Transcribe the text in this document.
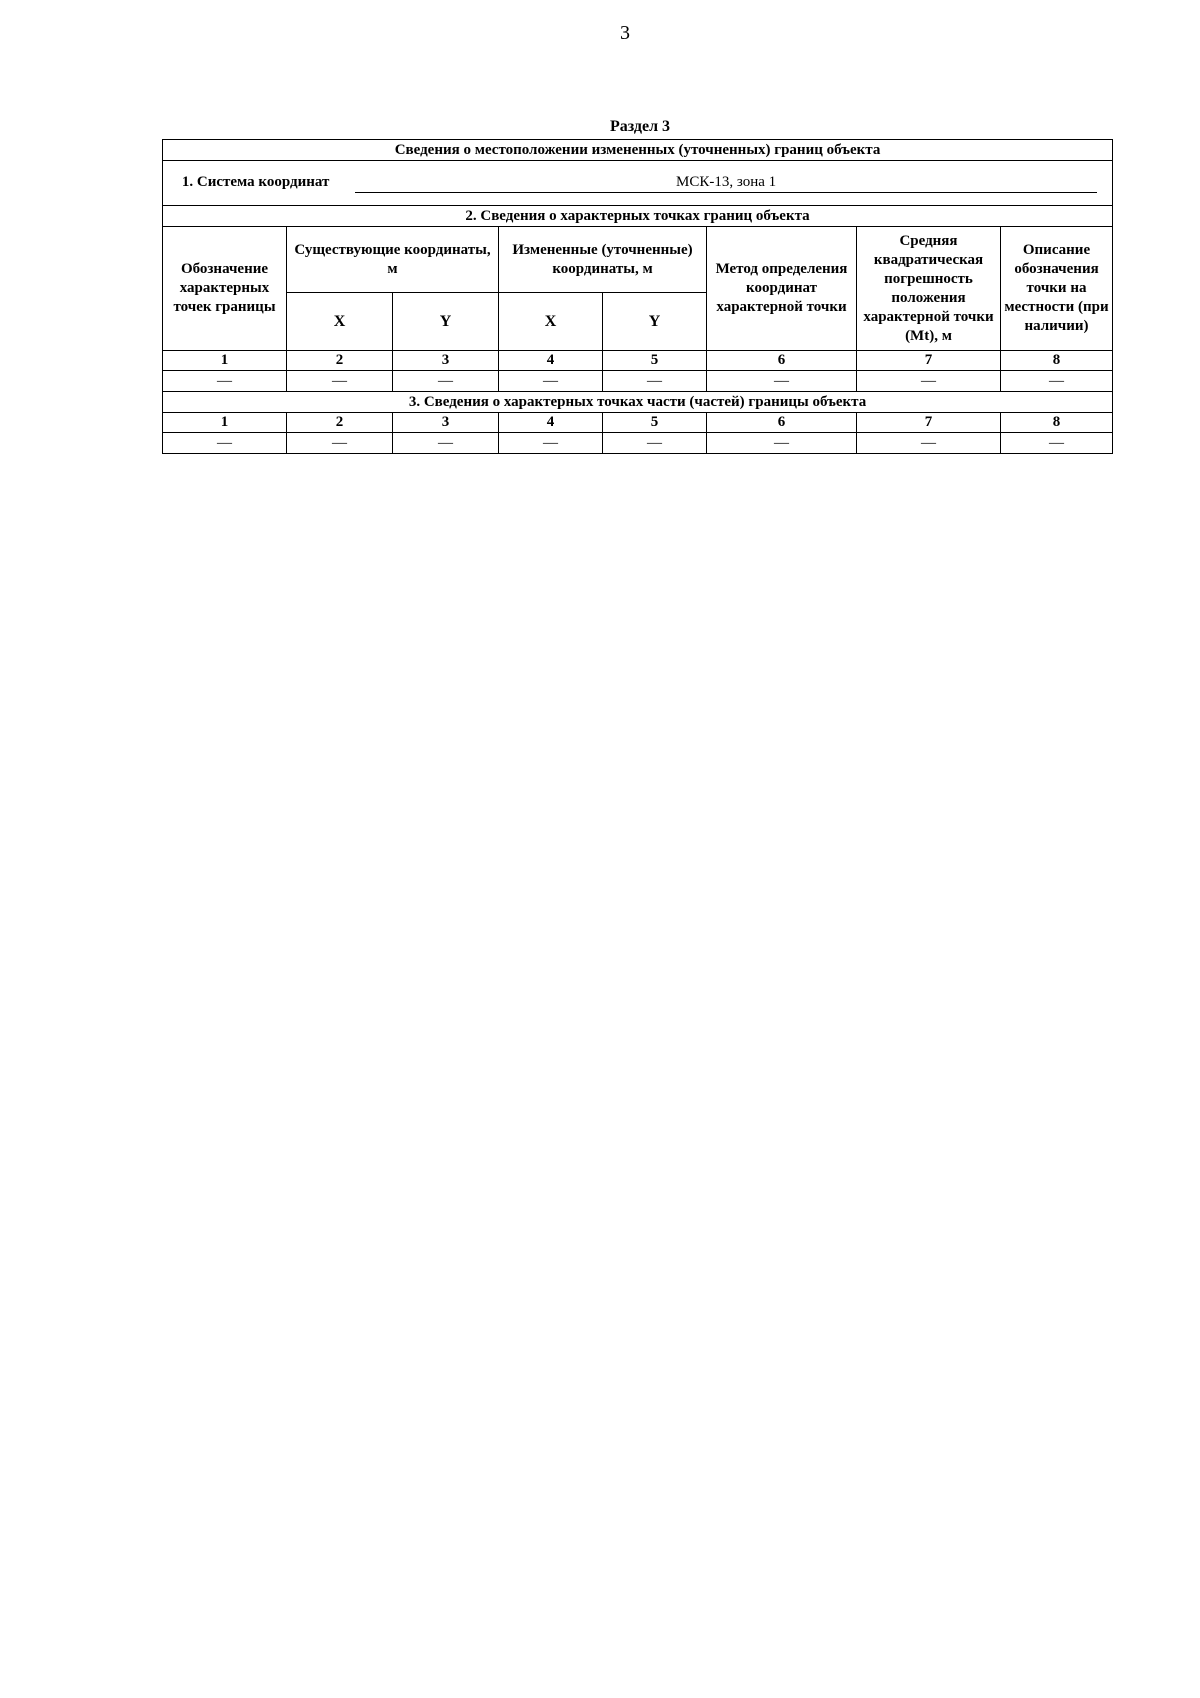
3
Раздел 3
Сведения о местоположении измененных (уточненных) границ объекта							
1. Система координат МСК-13, зона 1							
2. Сведения о характерных точках границ объекта							
Обозначение характерных точек границы	Существующие координаты, м		Измененные (уточненные) координаты, м		Метод определения координат характерной точки	Средняя квадратическая погрешность положения характерной точки (Mt), м	Описание обозначения точки на местности (при наличии)
	X	Y	X	Y			
1	2	3	4	5	6	7	8
—	—	—	—	—	—	—	—
3. Сведения о характерных точках части (частей) границы объекта							
1	2	3	4	5	6	7	8
—	—	—	—	—	—	—	—
